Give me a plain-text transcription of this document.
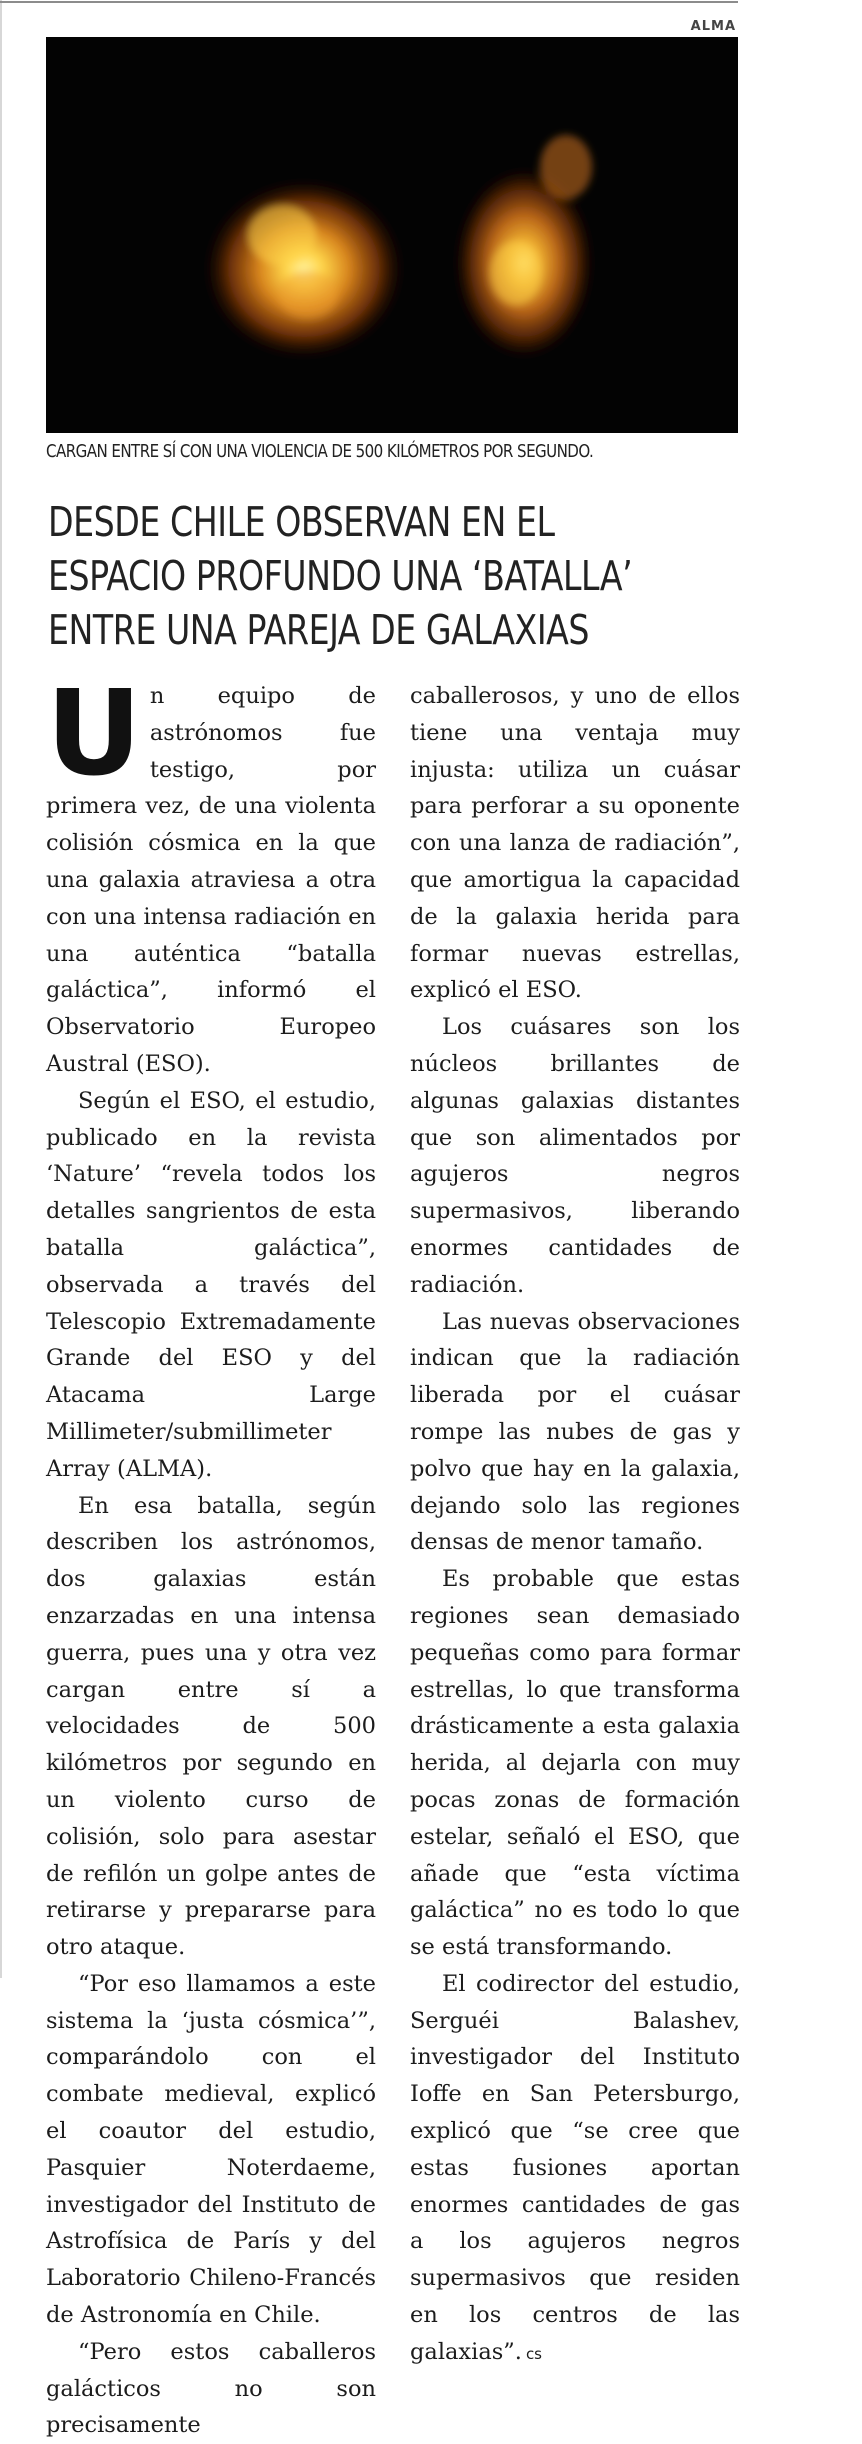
ALMA
CARGAN ENTRE SÍ CON UNA VIOLENCIA DE 500 KILÓMETROS POR SEGUNDO.
DESDE CHILE OBSERVAN EN EL
ESPACIO PROFUNDO UNA ‘BATALLA’
ENTRE UNA PAREJA DE GALAXIAS

Un equipo de astrónomos fue testigo, por primera vez, de una violenta colisión cósmica en la que una galaxia atraviesa a otra con una intensa radiación en una auténtica “batalla galáctica”, informó el Observatorio Europeo Austral (ESO).

Según el ESO, el estudio, publicado en la revista ‘Nature’ “revela todos los detalles sangrientos de esta batalla galáctica”, observada a través del Telescopio Extremadamente Grande del ESO y del Atacama Large Millimeter/submillimeter Array (ALMA).

En esa batalla, según describen los astrónomos, dos galaxias están enzarzadas en una intensa guerra, pues una y otra vez cargan entre sí a velocidades de 500 kilómetros por segundo en un violento curso de colisión, solo para asestar de refilón un golpe antes de retirarse y prepararse para otro ataque.

“Por eso llamamos a este sistema la ‘justa cósmica’”, comparándolo con el combate medieval, explicó el coautor del estudio, Pasquier Noterdaeme, investigador del Instituto de Astrofísica de París y del Laboratorio Chileno-Francés de Astronomía en Chile.

“Pero estos caballeros galácticos no son precisamente

caballerosos, y uno de ellos tiene una ventaja muy injusta: utiliza un cuásar para perforar a su oponente con una lanza de radiación”, que amortigua la capacidad de la galaxia herida para formar nuevas estrellas, explicó el ESO.

Los cuásares son los núcleos brillantes de algunas galaxias distantes que son alimentados por agujeros negros supermasivos, liberando enormes cantidades de radiación.

Las nuevas observaciones indican que la radiación liberada por el cuásar rompe las nubes de gas y polvo que hay en la galaxia, dejando solo las regiones densas de menor tamaño.

Es probable que estas regiones sean demasiado pequeñas como para formar estrellas, lo que transforma drásticamente a esta galaxia herida, al dejarla con muy pocas zonas de formación estelar, señaló el ESO, que añade que “esta víctima galáctica” no es todo lo que se está transformando.

El codirector del estudio, Serguéi Balashev, investigador del Instituto Ioffe en San Petersburgo, explicó que “se cree que estas fusiones aportan enormes cantidades de gas a los agujeros negros supermasivos que residen en los centros de las galaxias”. cs
